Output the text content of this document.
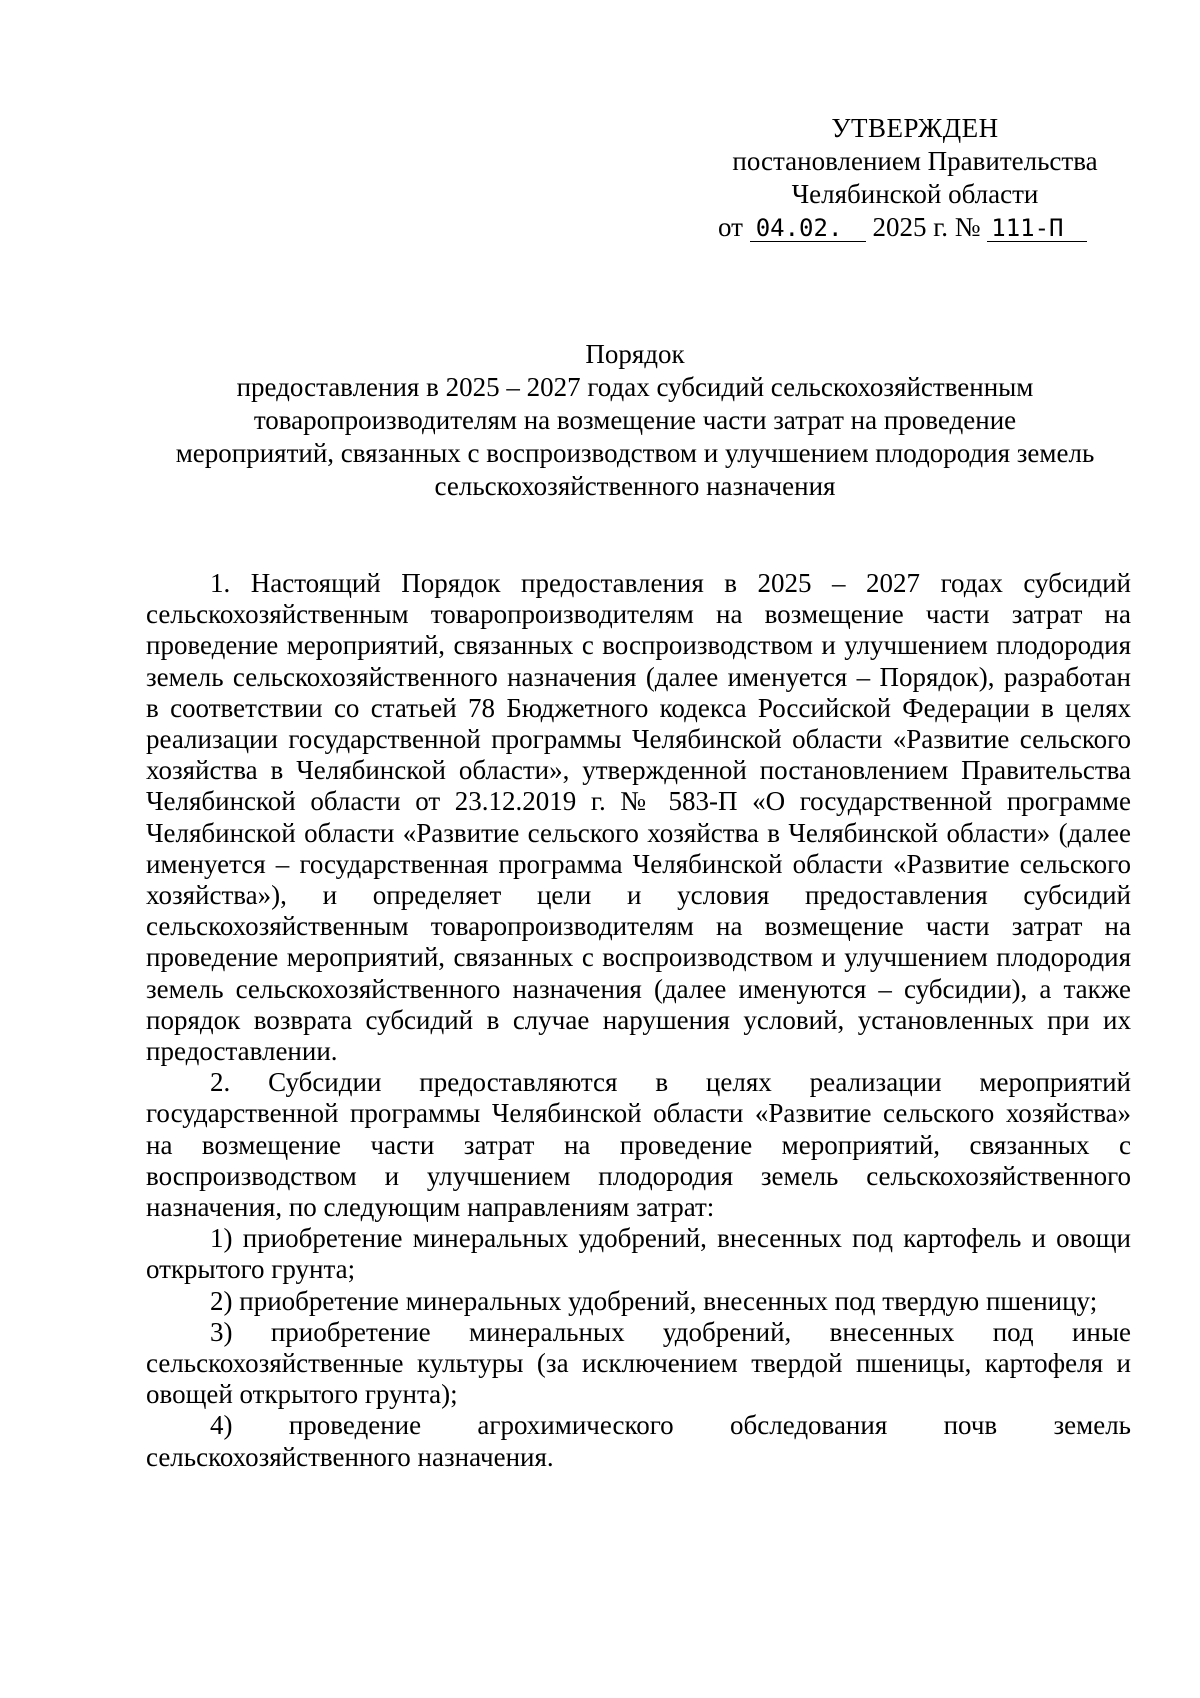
УТВЕРЖДЕН
постановлением Правительства
Челябинской области
от 04.02. 2025 г. № 111-П
Порядок
предоставления в 2025 – 2027 годах субсидий сельскохозяйственным
товаропроизводителям на возмещение части затрат на проведение
мероприятий, связанных с воспроизводством и улучшением плодородия земель
сельскохозяйственного назначения

1. Настоящий Порядок предоставления в 2025 – 2027 годах субсидий сельскохозяйственным товаропроизводителям на возмещение части затрат на проведение мероприятий, связанных с воспроизводством и улучшением плодородия земель сельскохозяйственного назначения (далее именуется – Порядок), разработан в соответствии со статьей 78 Бюджетного кодекса Российской Федерации в целях реализации государственной программы Челябинской области «Развитие сельского хозяйства в Челябинской области», утвержденной постановлением Правительства Челябинской области от 23.12.2019 г. № 583-П «О государственной программе Челябинской области «Развитие сельского хозяйства в Челябинской области» (далее именуется – государственная программа Челябинской области «Развитие сельского хозяйства»), и определяет цели и условия предоставления субсидий сельскохозяйственным товаропроизводителям на возмещение части затрат на проведение мероприятий, связанных с воспроизводством и улучшением плодородия земель сельскохозяйственного назначения (далее именуются – субсидии), а также порядок возврата субсидий в случае нарушения условий, установленных при их предоставлении.

2. Субсидии предоставляются в целях реализации мероприятий государственной программы Челябинской области «Развитие сельского хозяйства» на возмещение части затрат на проведение мероприятий, связанных с воспроизводством и улучшением плодородия земель сельскохозяйственного назначения, по следующим направлениям затрат:

1) приобретение минеральных удобрений, внесенных под картофель и овощи открытого грунта;

2) приобретение минеральных удобрений, внесенных под твердую пшеницу;

3) приобретение минеральных удобрений, внесенных под иные сельскохозяйственные культуры (за исключением твердой пшеницы, картофеля и овощей открытого грунта);

4) проведение агрохимического обследования почв земель сельскохозяйственного назначения.
